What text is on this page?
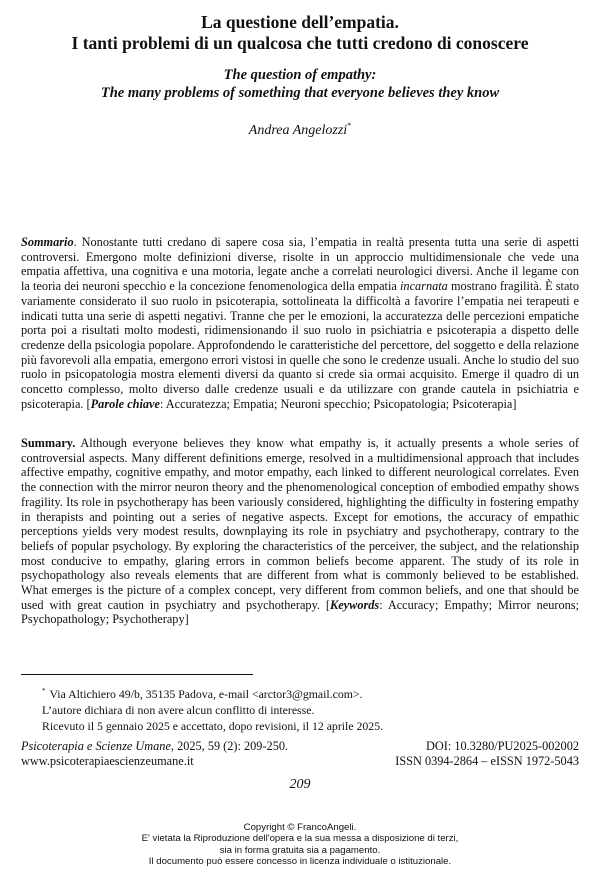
La questione dell’empatia.
I tanti problemi di un qualcosa che tutti credono di conoscere
The question of empathy:
The many problems of something that everyone believes they know
Andrea Angelozzi*
Sommario. Nonostante tutti credano di sapere cosa sia, l’empatia in realtà presenta tutta una serie di aspetti controversi. Emergono molte definizioni diverse, risolte in un approccio multidimensionale che vede una empatia affettiva, una cognitiva e una motoria, legate anche a correlati neurologici diversi. Anche il legame con la teoria dei neuroni specchio e la concezione fenomenologica della empatia incarnata mostrano fragilità. È stato variamente considerato il suo ruolo in psicoterapia, sottolineata la difficoltà a favorire l’empatia nei terapeuti e indicati tutta una serie di aspetti negativi. Tranne che per le emozioni, la accuratezza delle percezioni empatiche porta poi a risultati molto modesti, ridimensionando il suo ruolo in psichiatria e psicoterapia a dispetto delle credenze della psicologia popolare. Approfondendo le caratteristiche del percettore, del soggetto e della relazione più favorevoli alla empatia, emergono errori vistosi in quelle che sono le credenze usuali. Anche lo studio del suo ruolo in psicopatologia mostra elementi diversi da quanto si crede sia ormai acquisito. Emerge il quadro di un concetto complesso, molto diverso dalle credenze usuali e da utilizzare con grande cautela in psichiatria e psicoterapia. [Parole chiave: Accuratezza; Empatia; Neuroni specchio; Psicopatologia; Psicoterapia]
Summary. Although everyone believes they know what empathy is, it actually presents a whole series of controversial aspects. Many different definitions emerge, resolved in a multidimensional approach that includes affective empathy, cognitive empathy, and motor empathy, each linked to different neurological correlates. Even the connection with the mirror neuron theory and the phenomenological conception of embodied empathy shows fragility. Its role in psychotherapy has been variously considered, highlighting the difficulty in fostering empathy in therapists and pointing out a series of negative aspects. Except for emotions, the accuracy of empathic perceptions yields very modest results, downplaying its role in psychiatry and psychotherapy, contrary to the beliefs of popular psychology. By exploring the characteristics of the perceiver, the subject, and the relationship most conducive to empathy, glaring errors in common beliefs become apparent. The study of its role in psychopathology also reveals elements that are different from what is commonly believed to be established. What emerges is the picture of a complex concept, very different from common beliefs, and one that should be used with great caution in psychiatry and psychotherapy. [Keywords: Accuracy; Empathy; Mirror neurons; Psychopathology; Psychotherapy]

* Via Altichiero 49/b, 35135 Padova, e-mail <arctor3@gmail.com>.

L’autore dichiara di non avere alcun conflitto di interesse.

Ricevuto il 5 gennaio 2025 e accettato, dopo revisioni, il 12 aprile 2025.

Psicoterapia e Scienze Umane, 2025, 59 (2): 209-250.	DOI: 10.3280/PU2025-002002
www.psicoterapiaescienzeumane.it	ISSN 0394-2864 – eISSN 1972-5043
209

Copyright © FrancoAngeli.

E' vietata la Riproduzione dell'opera e la sua messa a disposizione di terzi,

sia in forma gratuita sia a pagamento.

Il documento può essere concesso in licenza individuale o istituzionale.
